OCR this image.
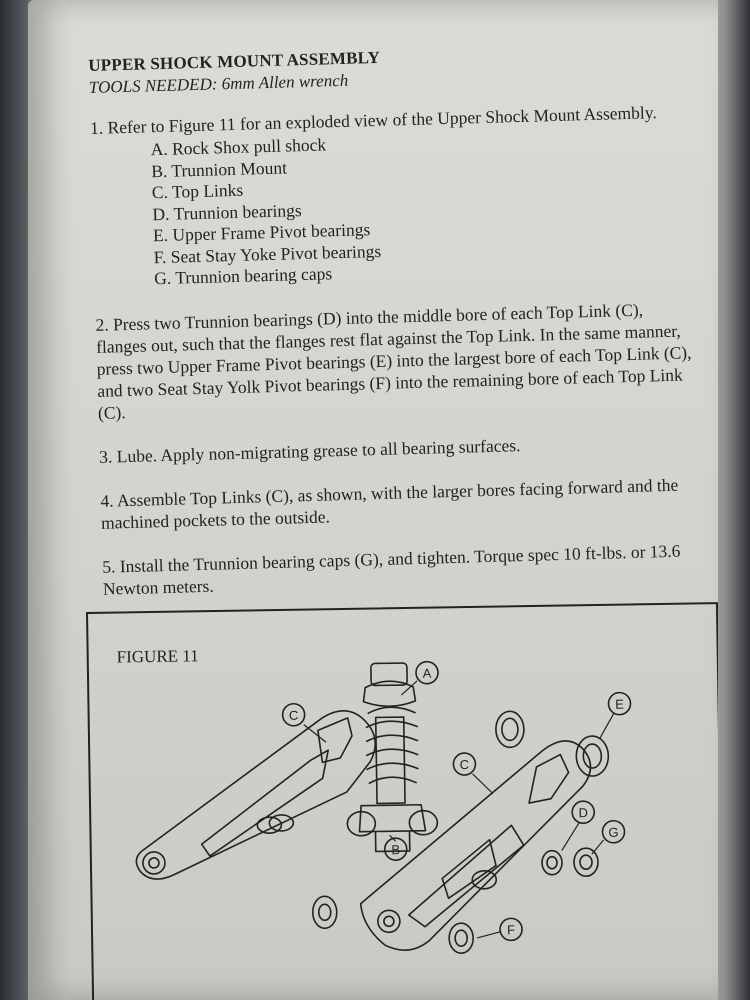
UPPER SHOCK MOUNT ASSEMBLY
TOOLS NEEDED: 6mm Allen wrench

1. Refer to Figure 11 for an exploded view of the Upper Shock Mount Assembly.

A. Rock Shox pull shock
B. Trunnion Mount
C. Top Links
D. Trunnion bearings
E. Upper Frame Pivot bearings
F. Seat Stay Yoke Pivot bearings
G. Trunnion bearing caps

2. Press two Trunnion bearings (D) into the middle bore of each Top Link (C), flanges out, such that the flanges rest flat against the Top Link. In the same manner, press two Upper Frame Pivot bearings (E) into the largest bore of each Top Link (C), and two Seat Stay Yolk Pivot bearings (F) into the remaining bore of each Top Link (C).

3. Lube. Apply non-migrating grease to all bearing surfaces.

4. Assemble Top Links (C), as shown, with the larger bores facing forward and the machined pockets to the outside.

5. Install the Trunnion bearing caps (G), and tighten. Torque spec 10 ft-lbs. or 13.6 Newton meters.

FIGURE 11
C
A
B
C
D
E
F
G
